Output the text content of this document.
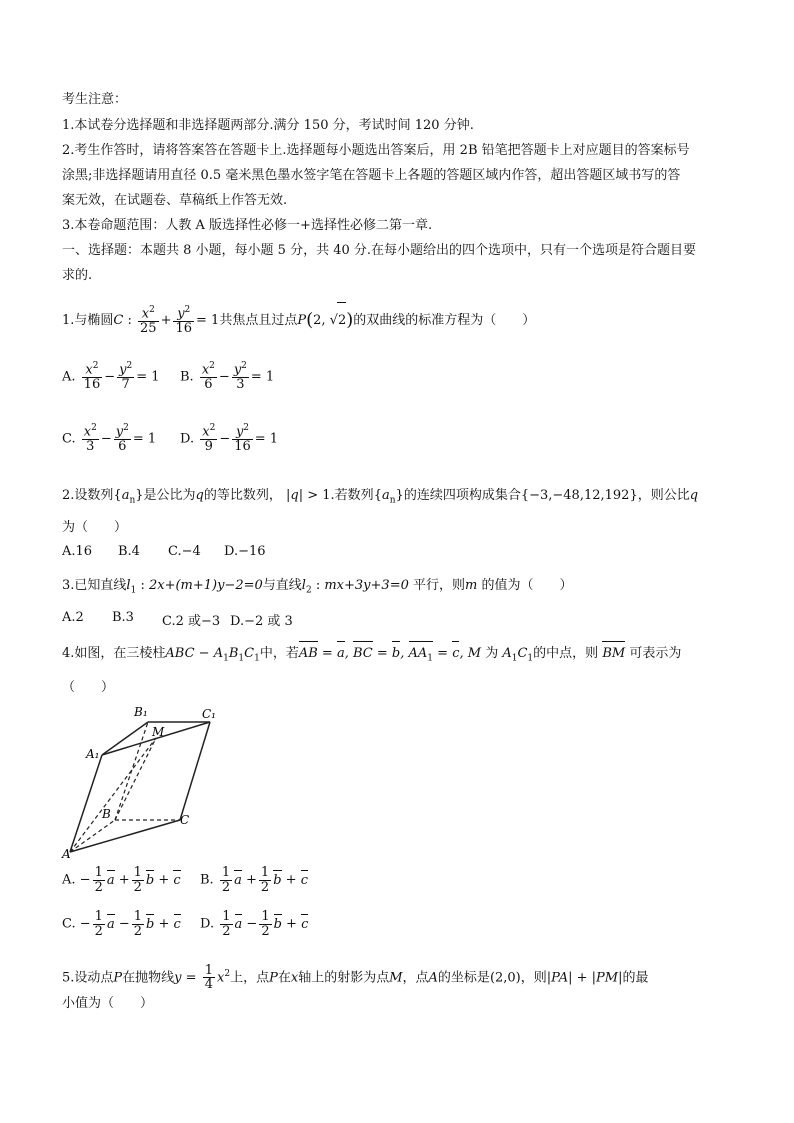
考生注意：
1.本试卷分选择题和非选择题两部分.满分 150 分，考试时间 120 分钟.
2.考生作答时，请将答案答在答题卡上.选择题每小题选出答案后，用 2B 铅笔把答题卡上对应题目的答案标号
涂黑;非选择题请用直径 0.5 毫米黑色墨水签字笔在答题卡上各题的答题区域内作答，超出答题区域书写的答
案无效，在试题卷、草稿纸上作答无效.
3.本卷命题范围：人教 A 版选择性必修一+选择性必修二第一章.
一、选择题：本题共 8 小题，每小题 5 分，共 40 分.在每小题给出的四个选项中，只有一个选项是符合题目要
求的.
1.与椭圆C : $\frac{x^2}{25} + \frac{y^2}{16} = 1$共焦点且过点P(2, √2)的双曲线的标准方程为（　　）
A. $\frac{x^2}{16} - \frac{y^2}{7} = 1$ B. $\frac{x^2}{6} - \frac{y^2}{3} = 1$
C. $\frac{x^2}{3} - \frac{y^2}{6} = 1$ D. $\frac{x^2}{9} - \frac{y^2}{16} = 1$
2.设数列$\{a_n\}$是公比为q的等比数列， |q| > 1.若数列$\{a_n\}$的连续四项构成集合{−3,−48,12,192}，则公比q
为（　　）
A.16 B.4 C.−4 D.−16
3.已知直线$l_1$ : 2x+(m+1)y−2=0与直线$l_2$ : mx+3y+3=0 平行，则m 的值为（　　）
A.2 B.3 C.2 或−3 D.−2 或 3
4.如图，在三棱柱ABC − $A_1B_1C_1$中，若AB = a, BC = b, $AA_1 = c$, M 为 $A_1C_1$的中点，则 BM 可表示为
（　　）
B₁	C₁
A₁
M
B	C
A
A. − $\frac{1}{2}$ $a + \frac{1}{2}$ b + c B. $\frac{1}{2}$ $a + \frac{1}{2}$ b + c
C. − $\frac{1}{2}$ $a - \frac{1}{2}$ b + c D. $\frac{1}{2}$ $a - \frac{1}{2}$ b + c
5.设动点P在抛物线$y = \frac{1}{4} x^2$上，点P在x轴上的射影为点M，点A的坐标是(2,0)，则|PA| + |PM|的最
小值为（　　）
